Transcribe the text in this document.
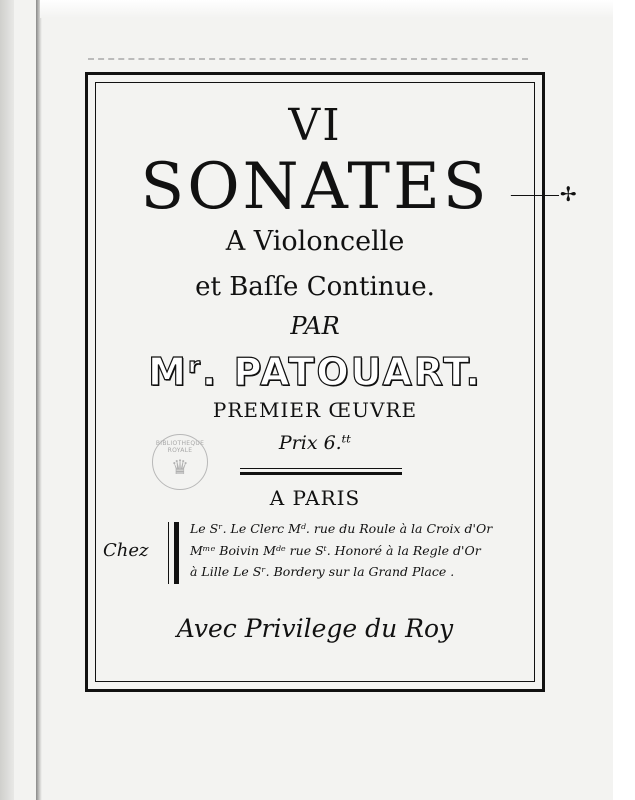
VI
SONATES	⸻✢
A Violoncelle
et Baſſe Continue.
PAR
Mʳ. PATOUART.
PREMIER ŒUVRE
Prix 6.ᵗᵗ
BIBLIOTHEQUE ROYALE
♛
A PARIS
Chez
Le Sʳ. Le Clerc Mᵈ. rue du Roule à la Croix d'Or
Mᵐᵉ Boivin Mᵈᵉ rue Sᵗ. Honoré à la Regle d'Or
à Lille Le Sʳ. Bordery sur la Grand Place .
Avec Privilege du Roy
